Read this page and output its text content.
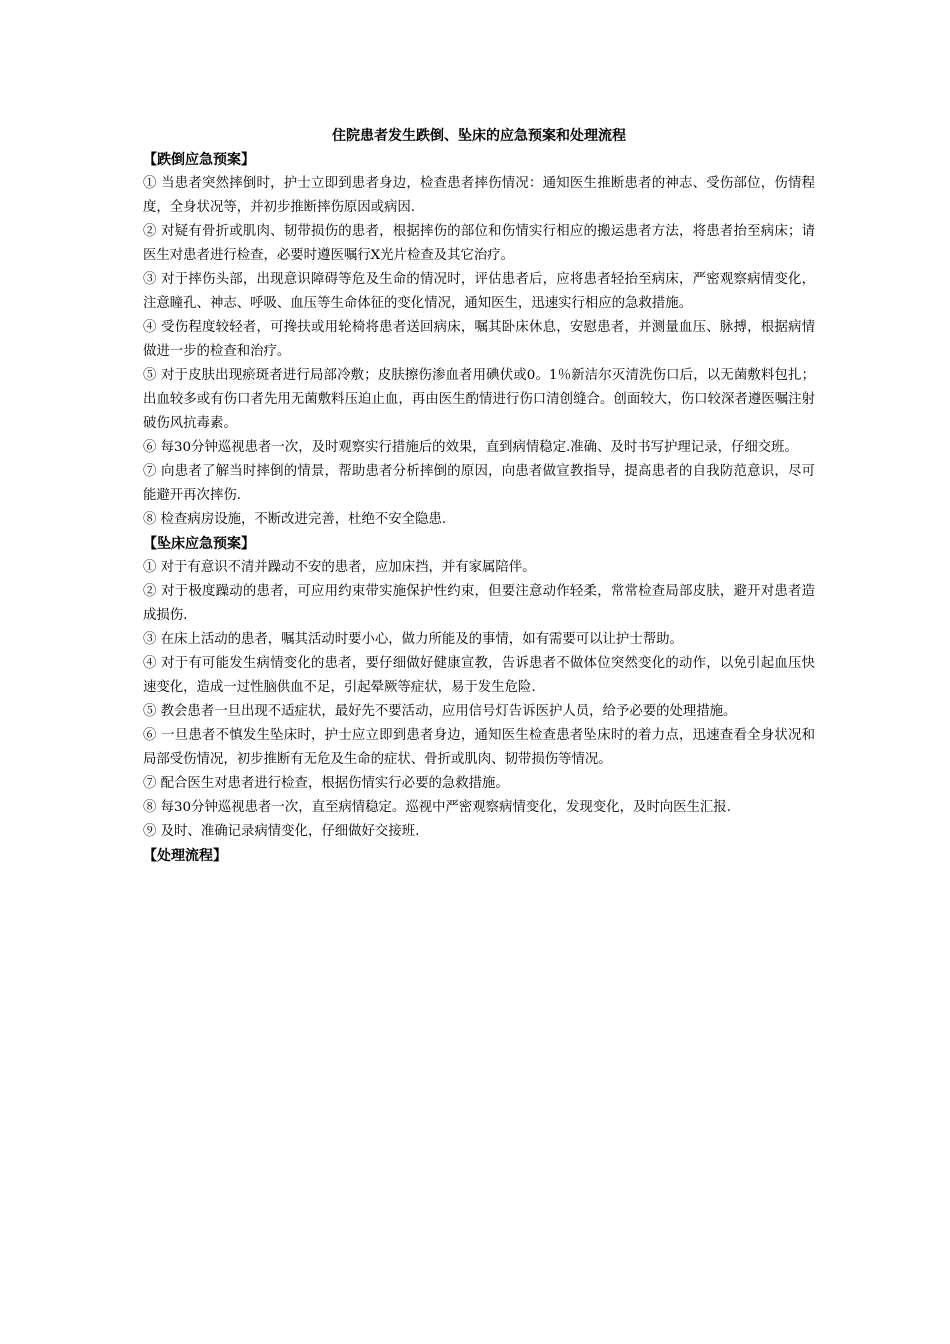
住院患者发生跌倒、坠床的应急预案和处理流程

【跌倒应急预案】

① 当患者突然摔倒时，护士立即到患者身边，检查患者摔伤情况：通知医生推断患者的神志、受伤部位，伤情程度，全身状况等，并初步推断摔伤原因或病因.

② 对疑有骨折或肌肉、韧带损伤的患者，根据摔伤的部位和伤情实行相应的搬运患者方法，将患者抬至病床；请医生对患者进行检查，必要时遵医嘱行X光片检查及其它治疗。

③ 对于摔伤头部，出现意识障碍等危及生命的情况时，评估患者后，应将患者轻抬至病床，严密观察病情变化，注意瞳孔、神志、呼吸、血压等生命体征的变化情况，通知医生，迅速实行相应的急救措施。

④ 受伤程度较轻者，可搀扶或用轮椅将患者送回病床，嘱其卧床休息，安慰患者，并测量血压、脉搏，根据病情做进一步的检查和治疗。

⑤ 对于皮肤出现瘀斑者进行局部冷敷；皮肤擦伤渗血者用碘伏或0。1％新洁尔灭清洗伤口后，以无菌敷料包扎；出血较多或有伤口者先用无菌敷料压迫止血，再由医生酌情进行伤口清创缝合。创面较大，伤口较深者遵医嘱注射破伤风抗毒素。

⑥ 每30分钟巡视患者一次，及时观察实行措施后的效果，直到病情稳定.准确、及时书写护理记录，仔细交班。

⑦ 向患者了解当时摔倒的情景，帮助患者分析摔倒的原因，向患者做宣教指导，提高患者的自我防范意识，尽可能避开再次摔伤.

⑧ 检查病房设施，不断改进完善，杜绝不安全隐患.

【坠床应急预案】

① 对于有意识不清并躁动不安的患者，应加床挡，并有家属陪伴。

② 对于极度躁动的患者，可应用约束带实施保护性约束，但要注意动作轻柔，常常检查局部皮肤，避开对患者造成损伤.

③ 在床上活动的患者，嘱其活动时要小心，做力所能及的事情，如有需要可以让护士帮助。

④ 对于有可能发生病情变化的患者，要仔细做好健康宣教，告诉患者不做体位突然变化的动作，以免引起血压快速变化，造成一过性脑供血不足，引起晕厥等症状，易于发生危险.

⑤ 教会患者一旦出现不适症状，最好先不要活动，应用信号灯告诉医护人员，给予必要的处理措施。

⑥ 一旦患者不慎发生坠床时，护士应立即到患者身边，通知医生检查患者坠床时的着力点，迅速查看全身状况和局部受伤情况，初步推断有无危及生命的症状、骨折或肌肉、韧带损伤等情况。

⑦ 配合医生对患者进行检查，根据伤情实行必要的急救措施。

⑧ 每30分钟巡视患者一次，直至病情稳定。巡视中严密观察病情变化，发现变化，及时向医生汇报.

⑨ 及时、准确记录病情变化，仔细做好交接班.

【处理流程】
